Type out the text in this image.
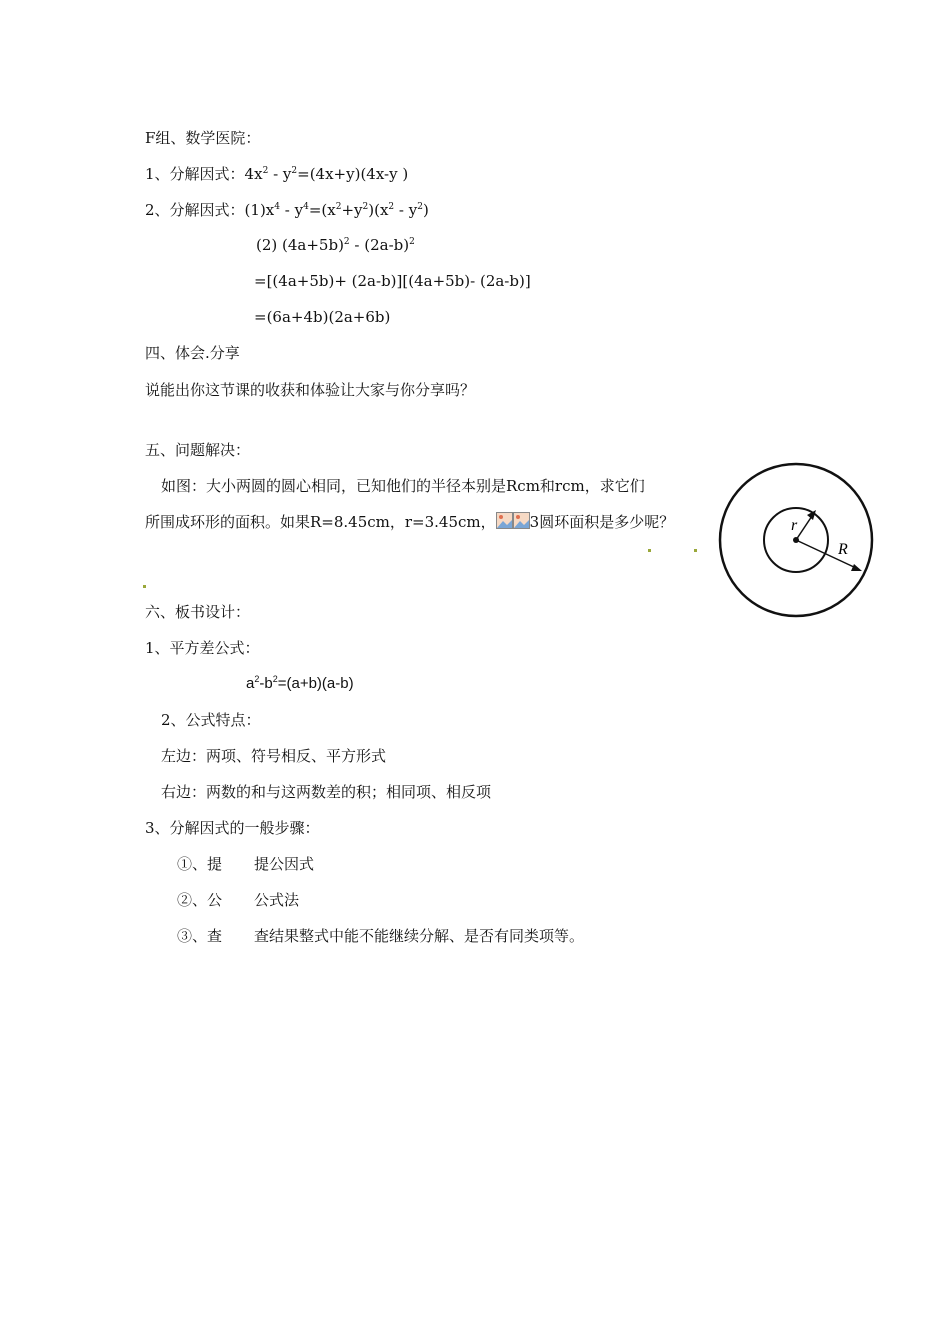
F组、数学医院：
1、分解因式：$4x^2 - y^2=(4x+y)(4x-y$ )
2、分解因式：$(1)x^4 - y^4=(x^2+y^2)(x^2 - y^2)$
(2) $(4a+5b)^2 - (2a-b)^2$
=[(4a+5b)+ (2a-b)][(4a+5b)- (2a-b)]
=(6a+4b)(2a+6b)
四、体会.分享
说能出你这节课的收获和体验让大家与你分享吗？
五、问题解决：
如图：大小两圆的圆心相同，已知他们的半径本别是Rcm和rcm，求它们
所围成环形的面积。如果R=8.45cm，r=3.45cm， 3圆环面积是多少呢？	r
R
六、板书设计：
1、平方差公式：
$a^2-b^2=(a+b)(a-b)$
2、公式特点：
左边：两项、符号相反、平方形式
右边：两数的和与这两数差的积；相同项、相反项
3、分解因式的一般步骤：
①、提 提公因式
②、公 公式法
③、查 查结果整式中能不能继续分解、是否有同类项等。
